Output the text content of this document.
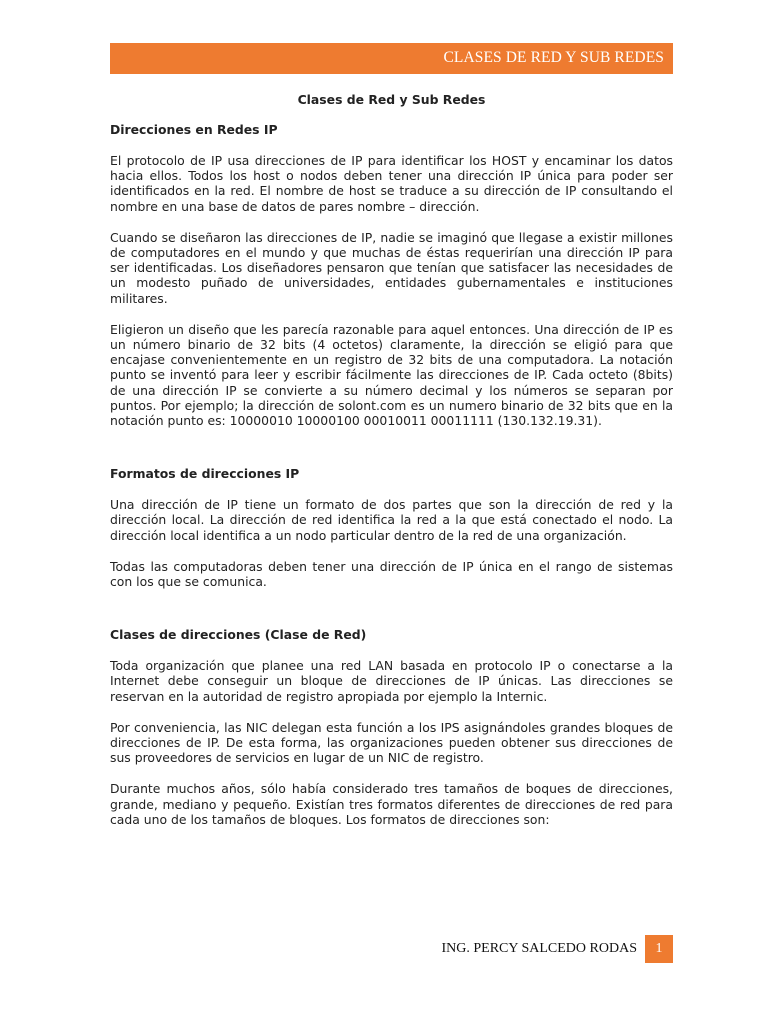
CLASES DE RED Y SUB REDES

Clases de Red y Sub Redes

Direcciones en Redes IP

El protocolo de IP usa direcciones de IP para identificar los HOST y encaminar los datos hacia ellos. Todos los host o nodos deben tener una dirección IP única para poder ser identificados en la red. El nombre de host se traduce a su dirección de IP consultando el nombre en una base de datos de pares nombre – dirección.

Cuando se diseñaron las direcciones de IP, nadie se imaginó que llegase a existir millones de computadores en el mundo y que muchas de éstas requerirían una dirección IP para ser identificadas. Los diseñadores pensaron que tenían que satisfacer las necesidades de un modesto puñado de universidades, entidades gubernamentales e instituciones militares.

Eligieron un diseño que les parecía razonable para aquel entonces. Una dirección de IP es un número binario de 32 bits (4 octetos) claramente, la dirección se eligió para que encajase convenientemente en un registro de 32 bits de una computadora. La notación punto se inventó para leer y escribir fácilmente las direcciones de IP. Cada octeto (8bits) de una dirección IP se convierte a su número decimal y los números se separan por puntos. Por ejemplo; la dirección de solont.com es un numero binario de 32 bits que en la notación punto es: 10000010 10000100 00010011 00011111 (130.132.19.31).

Formatos de direcciones IP

Una dirección de IP tiene un formato de dos partes que son la dirección de red y la dirección local. La dirección de red identifica la red a la que está conectado el nodo. La dirección local identifica a un nodo particular dentro de la red de una organización.

Todas las computadoras deben tener una dirección de IP única en el rango de sistemas con los que se comunica.

Clases de direcciones (Clase de Red)

Toda organización que planee una red LAN basada en protocolo IP o conectarse a la Internet debe conseguir un bloque de direcciones de IP únicas. Las direcciones se reservan en la autoridad de registro apropiada por ejemplo la Internic.

Por conveniencia, las NIC delegan esta función a los IPS asignándoles grandes bloques de direcciones de IP. De esta forma, las organizaciones pueden obtener sus direcciones de sus proveedores de servicios en lugar de un NIC de registro.

Durante muchos años, sólo había considerado tres tamaños de boques de direcciones, grande, mediano y pequeño. Existían tres formatos diferentes de direcciones de red para cada uno de los tamaños de bloques. Los formatos de direcciones son:

ING. PERCY SALCEDO RODAS 1
